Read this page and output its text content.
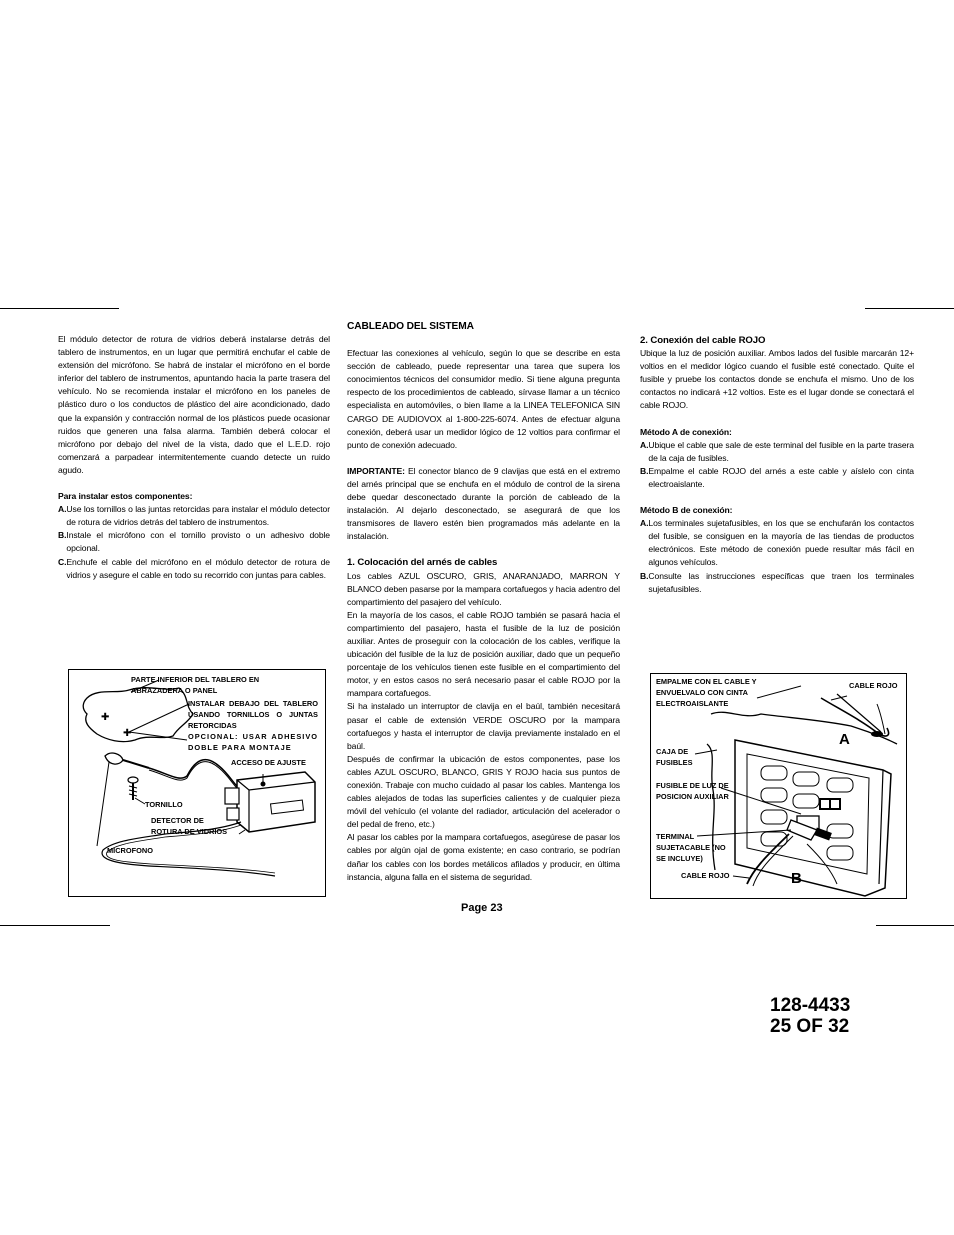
El módulo detector de rotura de vidrios deberá instalarse detrás del tablero de instrumentos, en un lugar que permitirá enchufar el cable de extensión del micrófono. Se habrá de instalar el micrófono en el borde inferior del tablero de instrumentos, apuntando hacia la parte trasera del vehículo. No se recomienda instalar el micrófono en los paneles de plástico duro o los conductos de plástico del aire acondicionado, dado que la expansión y contracción normal de los plásticos puede ocasionar ruidos que generen una falsa alarma. También deberá colocar el micrófono por debajo del nivel de la vista, dado que el L.E.D. rojo comenzará a parpadear intermitentemente cuando detecte un ruido agudo.

Para instalar estos componentes:

A. Use los tornillos o las juntas retorcidas para instalar el módulo detector de rotura de vidrios detrás del tablero de instrumentos.
B. Instale el micrófono con el tornillo provisto o un adhesivo doble opcional.
C. Enchufe el cable del micrófono en el módulo detector de rotura de vidrios y asegure el cable en todo su recorrido con juntas para cables.
✚
✚
PARTE INFERIOR DEL TABLERO EN ABRAZADERA O PANEL
INSTALAR DEBAJO DEL TABLERO USANDO TORNILLOS O JUNTAS RETORCIDAS
OPCIONAL: USAR ADHESIVO DOBLE PARA MONTAJE
ACCESO DE AJUSTE
TORNILLO
DETECTOR DE ROTURA DE VIDRIOS
MICROFONO

CABLEADO DEL SISTEMA

Efectuar las conexiones al vehículo, según lo que se describe en esta sección de cableado, puede representar una tarea que supera los conocimientos técnicos del consumidor medio. Si tiene alguna pregunta respecto de los procedimientos de cableado, sírvase llamar a un técnico especialista en automóviles, o bien llame a la LINEA TELEFONICA SIN CARGO DE AUDIOVOX al 1-800-225-6074. Antes de efectuar alguna conexión, deberá usar un medidor lógico de 12 voltios para confirmar el punto de conexión adecuado.

IMPORTANTE: El conector blanco de 9 clavijas que está en el extremo del arnés principal que se enchufa en el módulo de control de la sirena debe quedar desconectado durante la porción de cableado de la instalación. Al dejarlo desconectado, se asegurará de que los transmisores de llavero estén bien programados más adelante en la instalación.

1. Colocación del arnés de cables

Los cables AZUL OSCURO, GRIS, ANARANJADO, MARRON Y BLANCO deben pasarse por la mampara cortafuegos y hacia adentro del compartimiento del pasajero del vehículo.

En la mayoría de los casos, el cable ROJO también se pasará hacia el compartimiento del pasajero, hasta el fusible de la luz de posición auxiliar. Antes de proseguir con la colocación de los cables, verifique la ubicación del fusible de la luz de posición auxiliar, dado que un pequeño porcentaje de los vehículos tienen este fusible en el compartimiento del motor, y en estos casos no será necesario pasar el cable ROJO por la mampara cortafuegos.

Si ha instalado un interruptor de clavija en el baúl, también necesitará pasar el cable de extensión VERDE OSCURO por la mampara cortafuegos y hasta el interruptor de clavija previamente instalado en el baúl.

Después de confirmar la ubicación de estos componentes, pase los cables AZUL OSCURO, BLANCO, GRIS Y ROJO hacia sus puntos de conexión. Trabaje con mucho cuidado al pasar los cables. Mantenga los cables alejados de todas las superficies calientes y de cualquier pieza móvil del vehículo (el volante del radiador, articulación del acelerador o del pedal de freno, etc.)

Al pasar los cables por la mampara cortafuegos, asegúrese de pasar los cables por algún ojal de goma existente; en caso contrario, se podrían dañar los cables con los bordes metálicos afilados y producir, en última instancia, alguna falla en el sistema de seguridad.

Page 23

2. Conexión del cable ROJO

Ubique la luz de posición auxiliar. Ambos lados del fusible marcarán 12+ voltios en el medidor lógico cuando el fusible esté conectado. Quite el fusible y pruebe los contactos donde se enchufa el mismo. Uno de los contactos no indicará +12 voltios. Este es el lugar donde se conectará el cable ROJO.

Método A de conexión:

A. Ubique el cable que sale de este terminal del fusible en la parte trasera de la caja de fusibles.
B. Empalme el cable ROJO del arnés a este cable y aíslelo con cinta electroaislante.

Método B de conexión:

A. Los terminales sujetafusibles, en los que se enchufarán los contactos del fusible, se consiguen en la mayoría de las tiendas de productos electrónicos. Este método de conexión puede resultar más fácil en algunos vehículos.
B. Consulte las instrucciones específicas que traen los terminales sujetafusibles.
EMPALME CON EL CABLE Y ENVUELVALO CON CINTA ELECTROAISLANTE
CABLE ROJO
CAJA DE FUSIBLES
FUSIBLE DE LUZ DE POSICION AUXILIAR
TERMINAL SUJETACABLE (NO SE INCLUYE)
CABLE ROJO
A
B
128-4433
25 OF 32
